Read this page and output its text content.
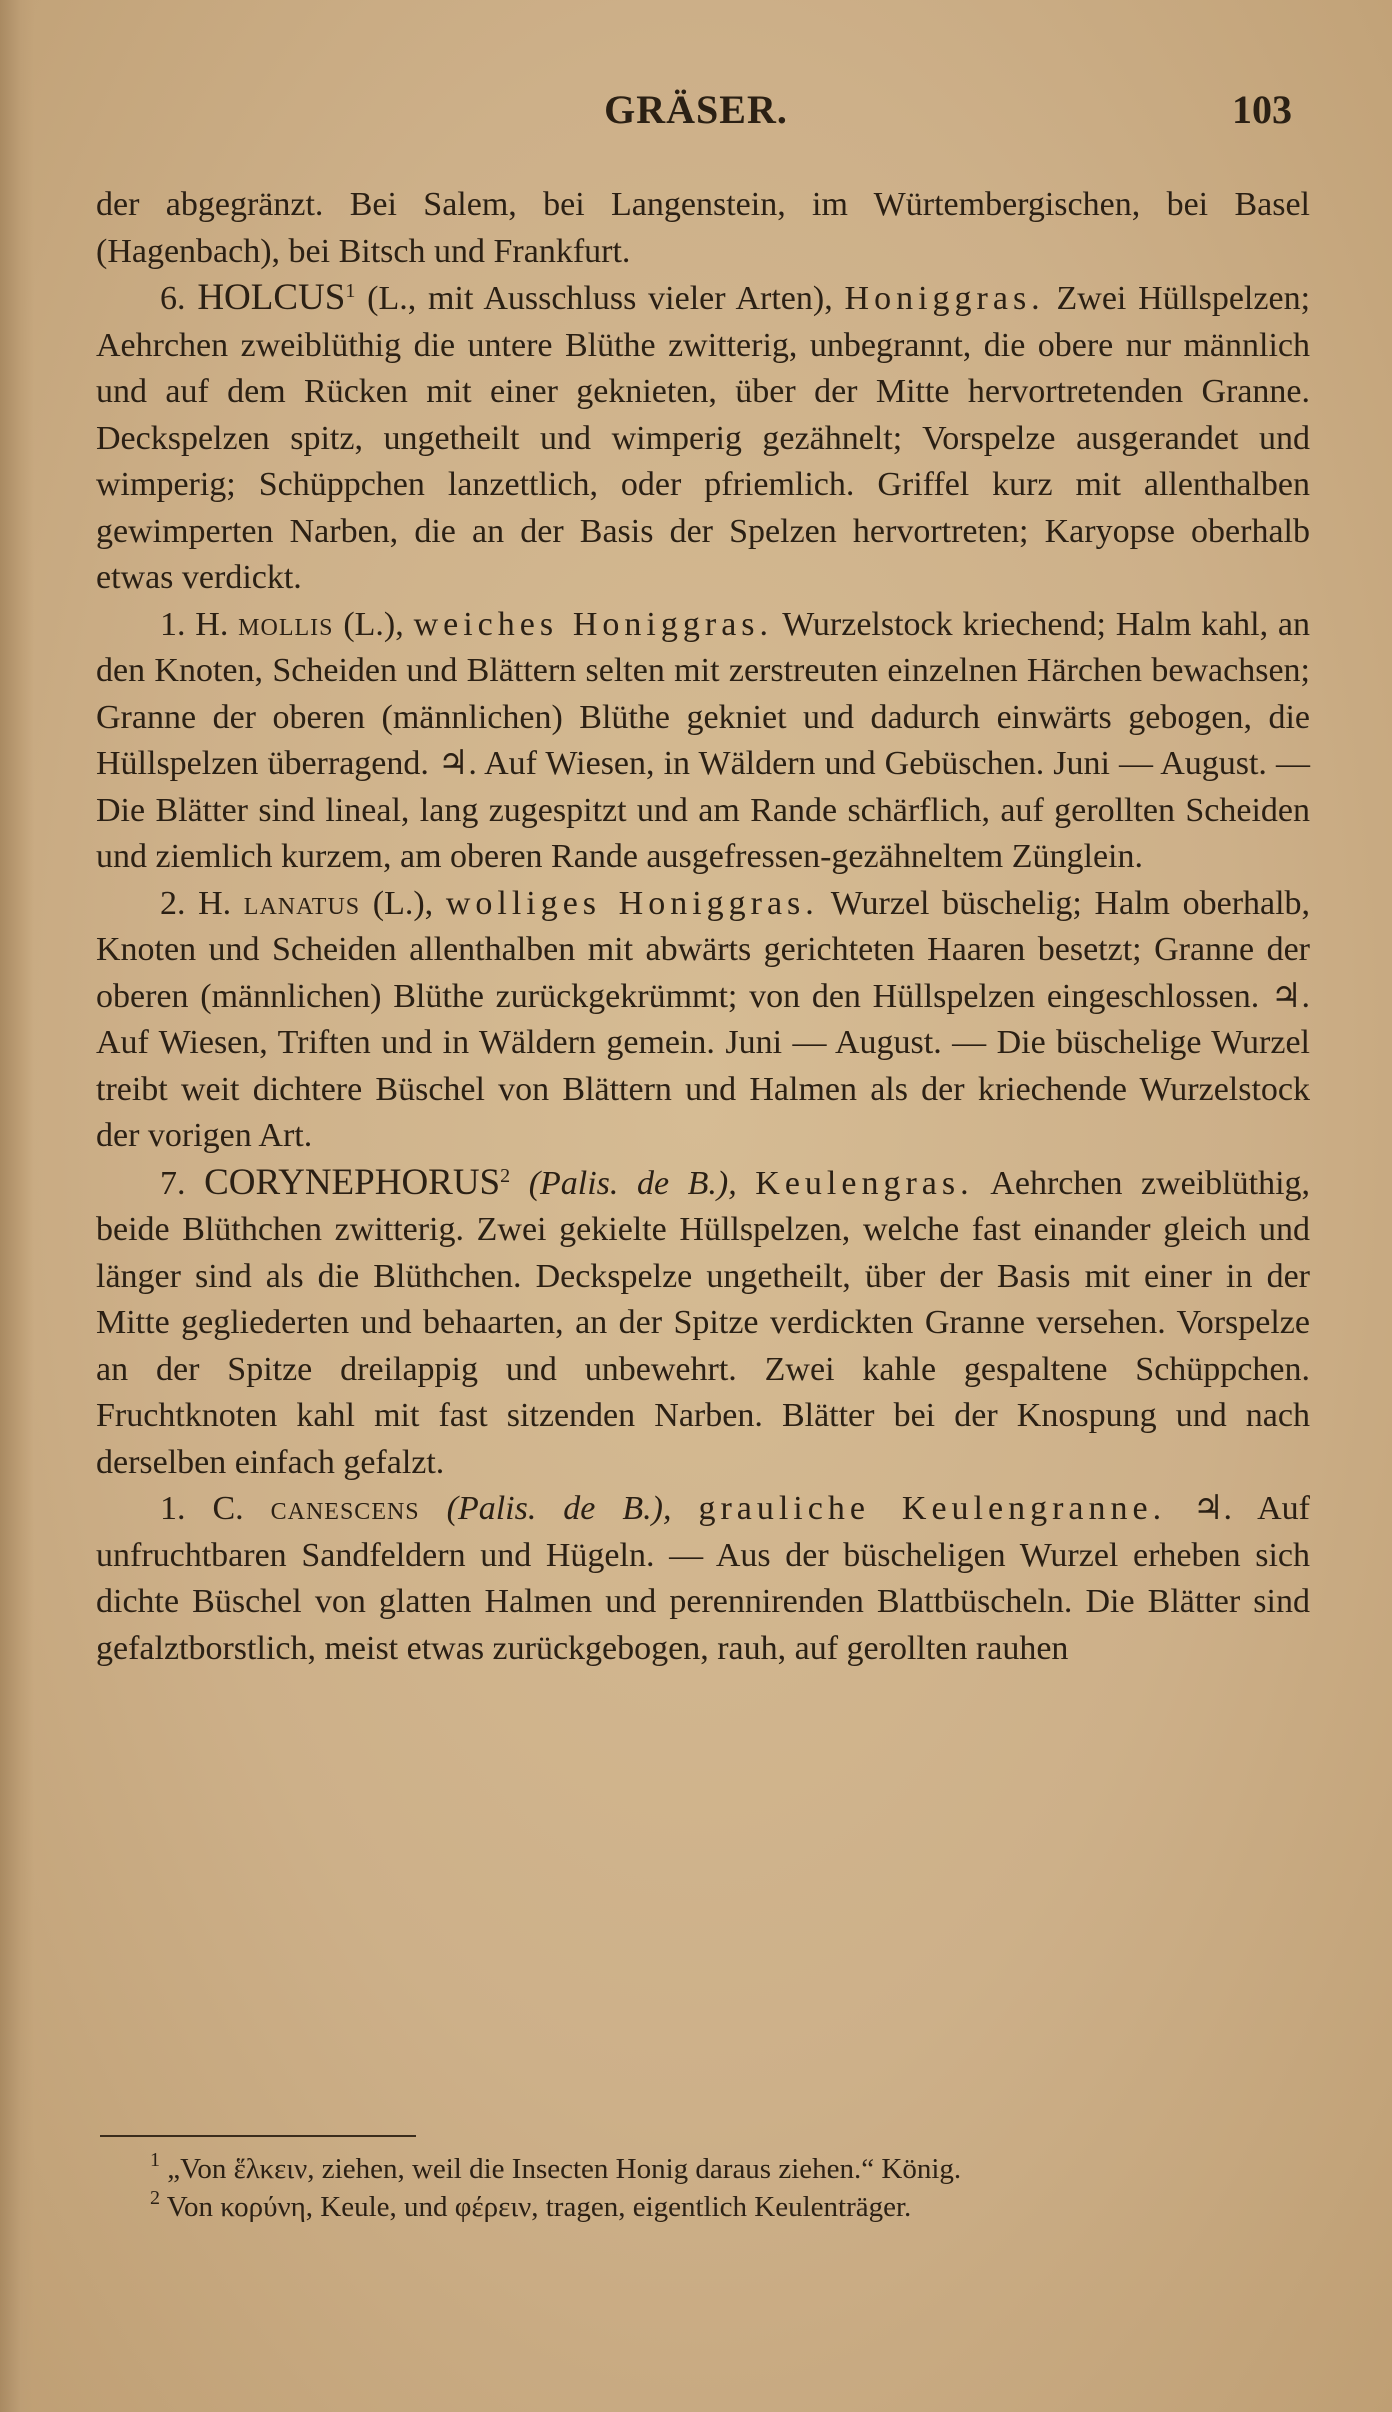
GRÄSER.	103

der abgegränzt. Bei Salem, bei Langenstein, im Würtembergischen, bei Basel (Hagenbach), bei Bitsch und Frankfurt.

6. HOLCUS$^1$ (L., mit Ausschluss vieler Arten), Honiggras. Zwei Hüllspelzen; Aehrchen zweiblüthig die untere Blüthe zwitterig, unbegrannt, die obere nur männlich und auf dem Rücken mit einer geknieten, über der Mitte hervortretenden Granne. Deckspelzen spitz, ungetheilt und wimperig gezähnelt; Vorspelze ausgerandet und wimperig; Schüppchen lanzettlich, oder pfriemlich. Griffel kurz mit allenthalben gewimperten Narben, die an der Basis der Spelzen hervortreten; Karyopse oberhalb etwas verdickt.

1. H. mollis (L.), weiches Honiggras. Wurzelstock kriechend; Halm kahl, an den Knoten, Scheiden und Blättern selten mit zerstreuten einzelnen Härchen bewachsen; Granne der oberen (männlichen) Blüthe gekniet und dadurch einwärts gebogen, die Hüllspelzen überragend. ♃. Auf Wiesen, in Wäldern und Gebüschen. Juni — August. — Die Blätter sind lineal, lang zugespitzt und am Rande schärflich, auf gerollten Scheiden und ziemlich kurzem, am oberen Rande ausgefressen-gezähneltem Zünglein.

2. H. lanatus (L.), wolliges Honiggras. Wurzel büschelig; Halm oberhalb, Knoten und Scheiden allenthalben mit abwärts gerichteten Haaren besetzt; Granne der oberen (männlichen) Blüthe zurückgekrümmt; von den Hüllspelzen eingeschlossen. ♃. Auf Wiesen, Triften und in Wäldern gemein. Juni — August. — Die büschelige Wurzel treibt weit dichtere Büschel von Blättern und Halmen als der kriechende Wurzelstock der vorigen Art.

7. CORYNEPHORUS$^2$ (Palis. de B.), Keulengras. Aehrchen zweiblüthig, beide Blüthchen zwitterig. Zwei gekielte Hüllspelzen, welche fast einander gleich und länger sind als die Blüthchen. Deckspelze ungetheilt, über der Basis mit einer in der Mitte gegliederten und behaarten, an der Spitze verdickten Granne versehen. Vorspelze an der Spitze dreilappig und unbewehrt. Zwei kahle gespaltene Schüppchen. Fruchtknoten kahl mit fast sitzenden Narben. Blätter bei der Knospung und nach derselben einfach gefalzt.

1. C. canescens (Palis. de B.), grauliche Keulengranne. ♃. Auf unfruchtbaren Sandfeldern und Hügeln. — Aus der büscheligen Wurzel erheben sich dichte Büschel von glatten Halmen und perennirenden Blattbüscheln. Die Blätter sind gefalztborstlich, meist etwas zurückgebogen, rauh, auf gerollten rauhen

$^1$ „Von ἕλκειν, ziehen, weil die Insecten Honig daraus ziehen.“ König.

$^2$ Von κορύνη, Keule, und φέρειν, tragen, eigentlich Keulenträger.
